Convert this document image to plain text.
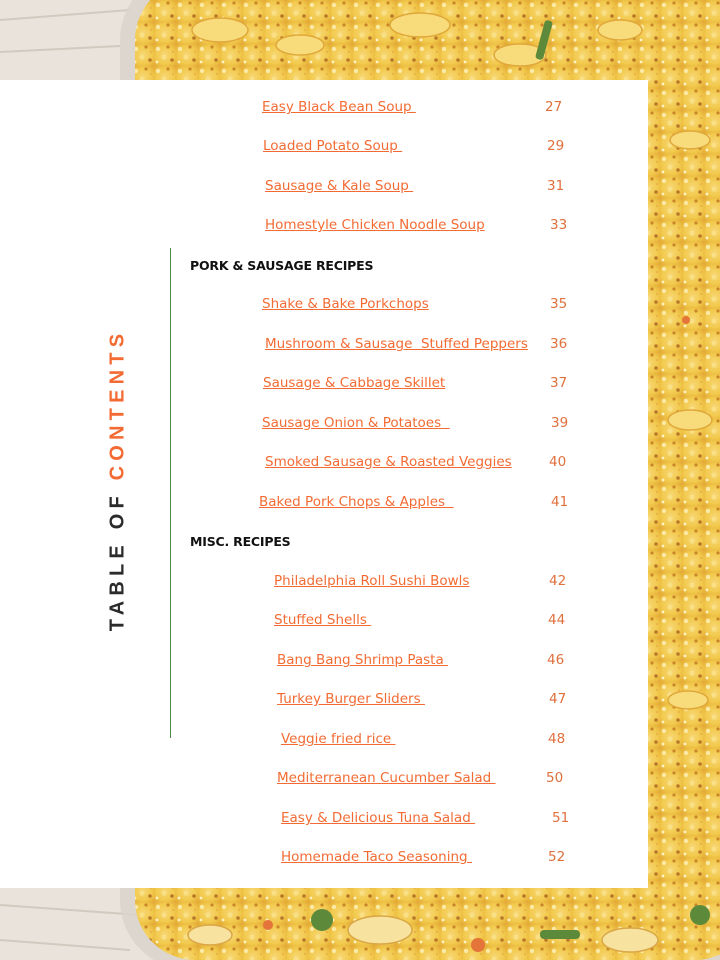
TABLE OF CONTENTS
Easy Black Bean Soup	27
Loaded Potato Soup	29
Sausage & Kale Soup	31
Homestyle Chicken Noodle Soup	33
PORK & SAUSAGE RECIPES
Shake & Bake Porkchops	35
Mushroom & Sausage  Stuffed Peppers 36
Sausage & Cabbage Skillet	37
Sausage Onion & Potatoes	39
Smoked Sausage & Roasted Veggies	40
Baked Pork Chops & Apples	41
MISC. RECIPES
Philadelphia Roll Sushi Bowls	42
Stuffed Shells	44
Bang Bang Shrimp Pasta	46
Turkey Burger Sliders	47
Veggie fried rice	48
Mediterranean Cucumber Salad	50
Easy & Delicious Tuna Salad	51
Homemade Taco Seasoning	52
